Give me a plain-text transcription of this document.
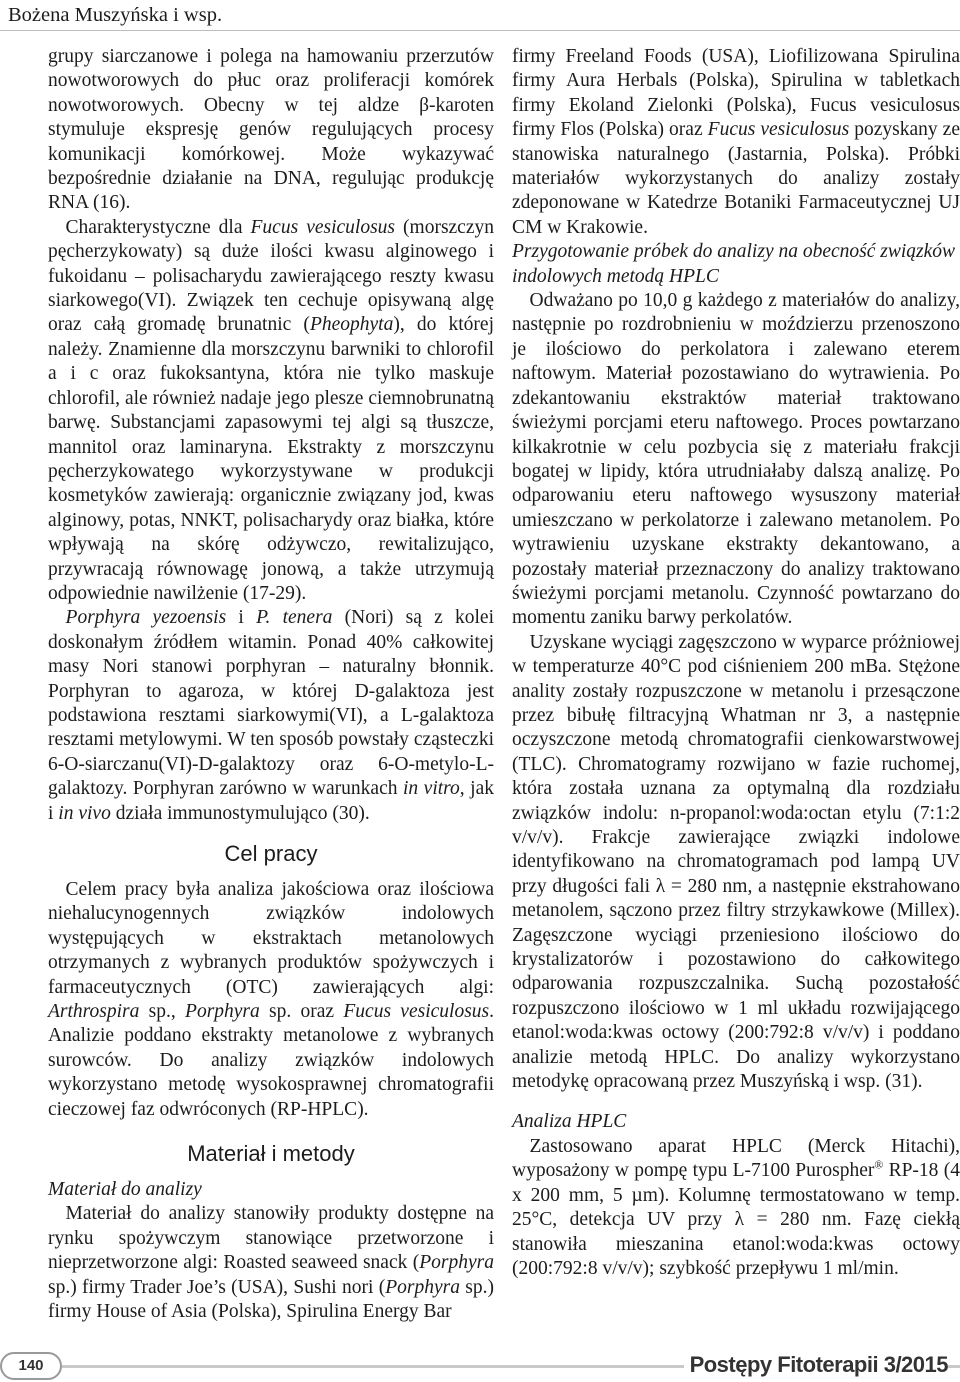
Bożena Muszyńska i wsp.

grupy siarczanowe i polega na hamowaniu przerzutów nowotworowych do płuc oraz proliferacji komórek nowotworowych. Obecny w tej aldze β-karoten stymuluje ekspresję genów regulujących procesy komunikacji komórkowej. Może wykazywać bezpośrednie działanie na DNA, regulując produkcję RNA (16).

Charakterystyczne dla Fucus vesiculosus (morszczyn pęcherzykowaty) są duże ilości kwasu alginowego i fukoidanu – polisacharydu zawierającego reszty kwasu siarkowego(VI). Związek ten cechuje opisywaną algę oraz całą gromadę brunatnic (Pheophyta), do której należy. Znamienne dla morszczynu barwniki to chlorofil a i c oraz fukoksantyna, która nie tylko maskuje chlorofil, ale również nadaje jego plesze ciemnobrunatną barwę. Substancjami zapasowymi tej algi są tłuszcze, mannitol oraz laminaryna. Ekstrakty z morszczynu pęcherzykowatego wykorzystywane w produkcji kosmetyków zawierają: organicznie związany jod, kwas alginowy, potas, NNKT, polisacharydy oraz białka, które wpływają na skórę odżywczo, rewitalizująco, przywracają równowagę jonową, a także utrzymują odpowiednie nawilżenie (17-29).

Porphyra yezoensis i P. tenera (Nori) są z kolei doskonałym źródłem witamin. Ponad 40% całkowitej masy Nori stanowi porphyran – naturalny błonnik. Porphyran to agaroza, w której D-galaktoza jest podstawiona resztami siarkowymi(VI), a L-galaktoza resztami metylowymi. W ten sposób powstały cząsteczki 6-O-siarczanu(VI)-D-galaktozy oraz 6-O-metylo-L-galaktozy. Porphyran zarówno w warunkach in vitro, jak i in vivo działa immunostymulująco (30).

Cel pracy

Celem pracy była analiza jakościowa oraz ilościowa niehalucynogennych związków indolowych występujących w ekstraktach metanolowych otrzymanych z wybranych produktów spożywczych i farmaceutycznych (OTC) zawierających algi: Arthrospira sp., Porphyra sp. oraz Fucus vesiculosus. Analizie poddano ekstrakty metanolowe z wybranych surowców. Do analizy związków indolowych wykorzystano metodę wysokosprawnej chromatografii cieczowej faz odwróconych (RP-HPLC).

Materiał i metody

Materiał do analizy

Materiał do analizy stanowiły produkty dostępne na rynku spożywczym stanowiące przetworzone i nieprzetworzone algi: Roasted seaweed snack (Porphyra sp.) firmy Trader Joe’s (USA), Sushi nori (Porphyra sp.) firmy House of Asia (Polska), Spirulina Energy Bar

firmy Freeland Foods (USA), Liofilizowana Spirulina firmy Aura Herbals (Polska), Spirulina w tabletkach firmy Ekoland Zielonki (Polska), Fucus vesiculosus firmy Flos (Polska) oraz Fucus vesiculosus pozyskany ze stanowiska naturalnego (Jastarnia, Polska). Próbki materiałów wykorzystanych do analizy zostały zdeponowane w Katedrze Botaniki Farmaceutycznej UJ CM w Krakowie.

Przygotowanie próbek do analizy na obecność związków indolowych metodą HPLC

Odważano po 10,0 g każdego z materiałów do analizy, następnie po rozdrobnieniu w moździerzu przenoszono je ilościowo do perkolatora i zalewano eterem naftowym. Materiał pozostawiano do wytrawienia. Po zdekantowaniu ekstraktów materiał traktowano świeżymi porcjami eteru naftowego. Proces powtarzano kilkakrotnie w celu pozbycia się z materiału frakcji bogatej w lipidy, która utrudniałaby dalszą analizę. Po odparowaniu eteru naftowego wysuszony materiał umieszczano w perkolatorze i zalewano metanolem. Po wytrawieniu uzyskane ekstrakty dekantowano, a pozostały materiał przeznaczony do analizy traktowano świeżymi porcjami metanolu. Czynność powtarzano do momentu zaniku barwy perkolatów.

Uzyskane wyciągi zagęszczono w wyparce próżniowej w temperaturze 40°C pod ciśnieniem 200 mBa. Stężone anality zostały rozpuszczone w metanolu i przesączone przez bibułę filtracyjną Whatman nr 3, a następnie oczyszczone metodą chromatografii cienkowarstwowej (TLC). Chromatogramy rozwijano w fazie ruchomej, która została uznana za optymalną dla rozdziału związków indolu: n-propanol:woda:octan etylu (7:1:2 v/v/v). Frakcje zawierające związki indolowe identyfikowano na chromatogramach pod lampą UV przy długości fali λ = 280 nm, a następnie ekstrahowano metanolem, sączono przez filtry strzykawkowe (Millex). Zagęszczone wyciągi przeniesiono ilościowo do krystalizatorów i pozostawiono do całkowitego odparowania rozpuszczalnika. Suchą pozostałość rozpuszczono ilościowo w 1 ml układu rozwijającego etanol:woda:kwas octowy (200:792:8 v/v/v) i poddano analizie metodą HPLC. Do analizy wykorzystano metodykę opracowaną przez Muszyńską i wsp. (31).

Analiza HPLC

Zastosowano aparat HPLC (Merck Hitachi), wyposażony w pompę typu L-7100 Purospher® RP-18 (4 x 200 mm, 5 µm). Kolumnę termostatowano w temp. 25°C, detekcja UV przy λ = 280 nm. Fazę ciekłą stanowiła mieszanina etanol:woda:kwas octowy (200:792:8 v/v/v); szybkość przepływu 1 ml/min.

140	Postępy Fitoterapii 3/2015
